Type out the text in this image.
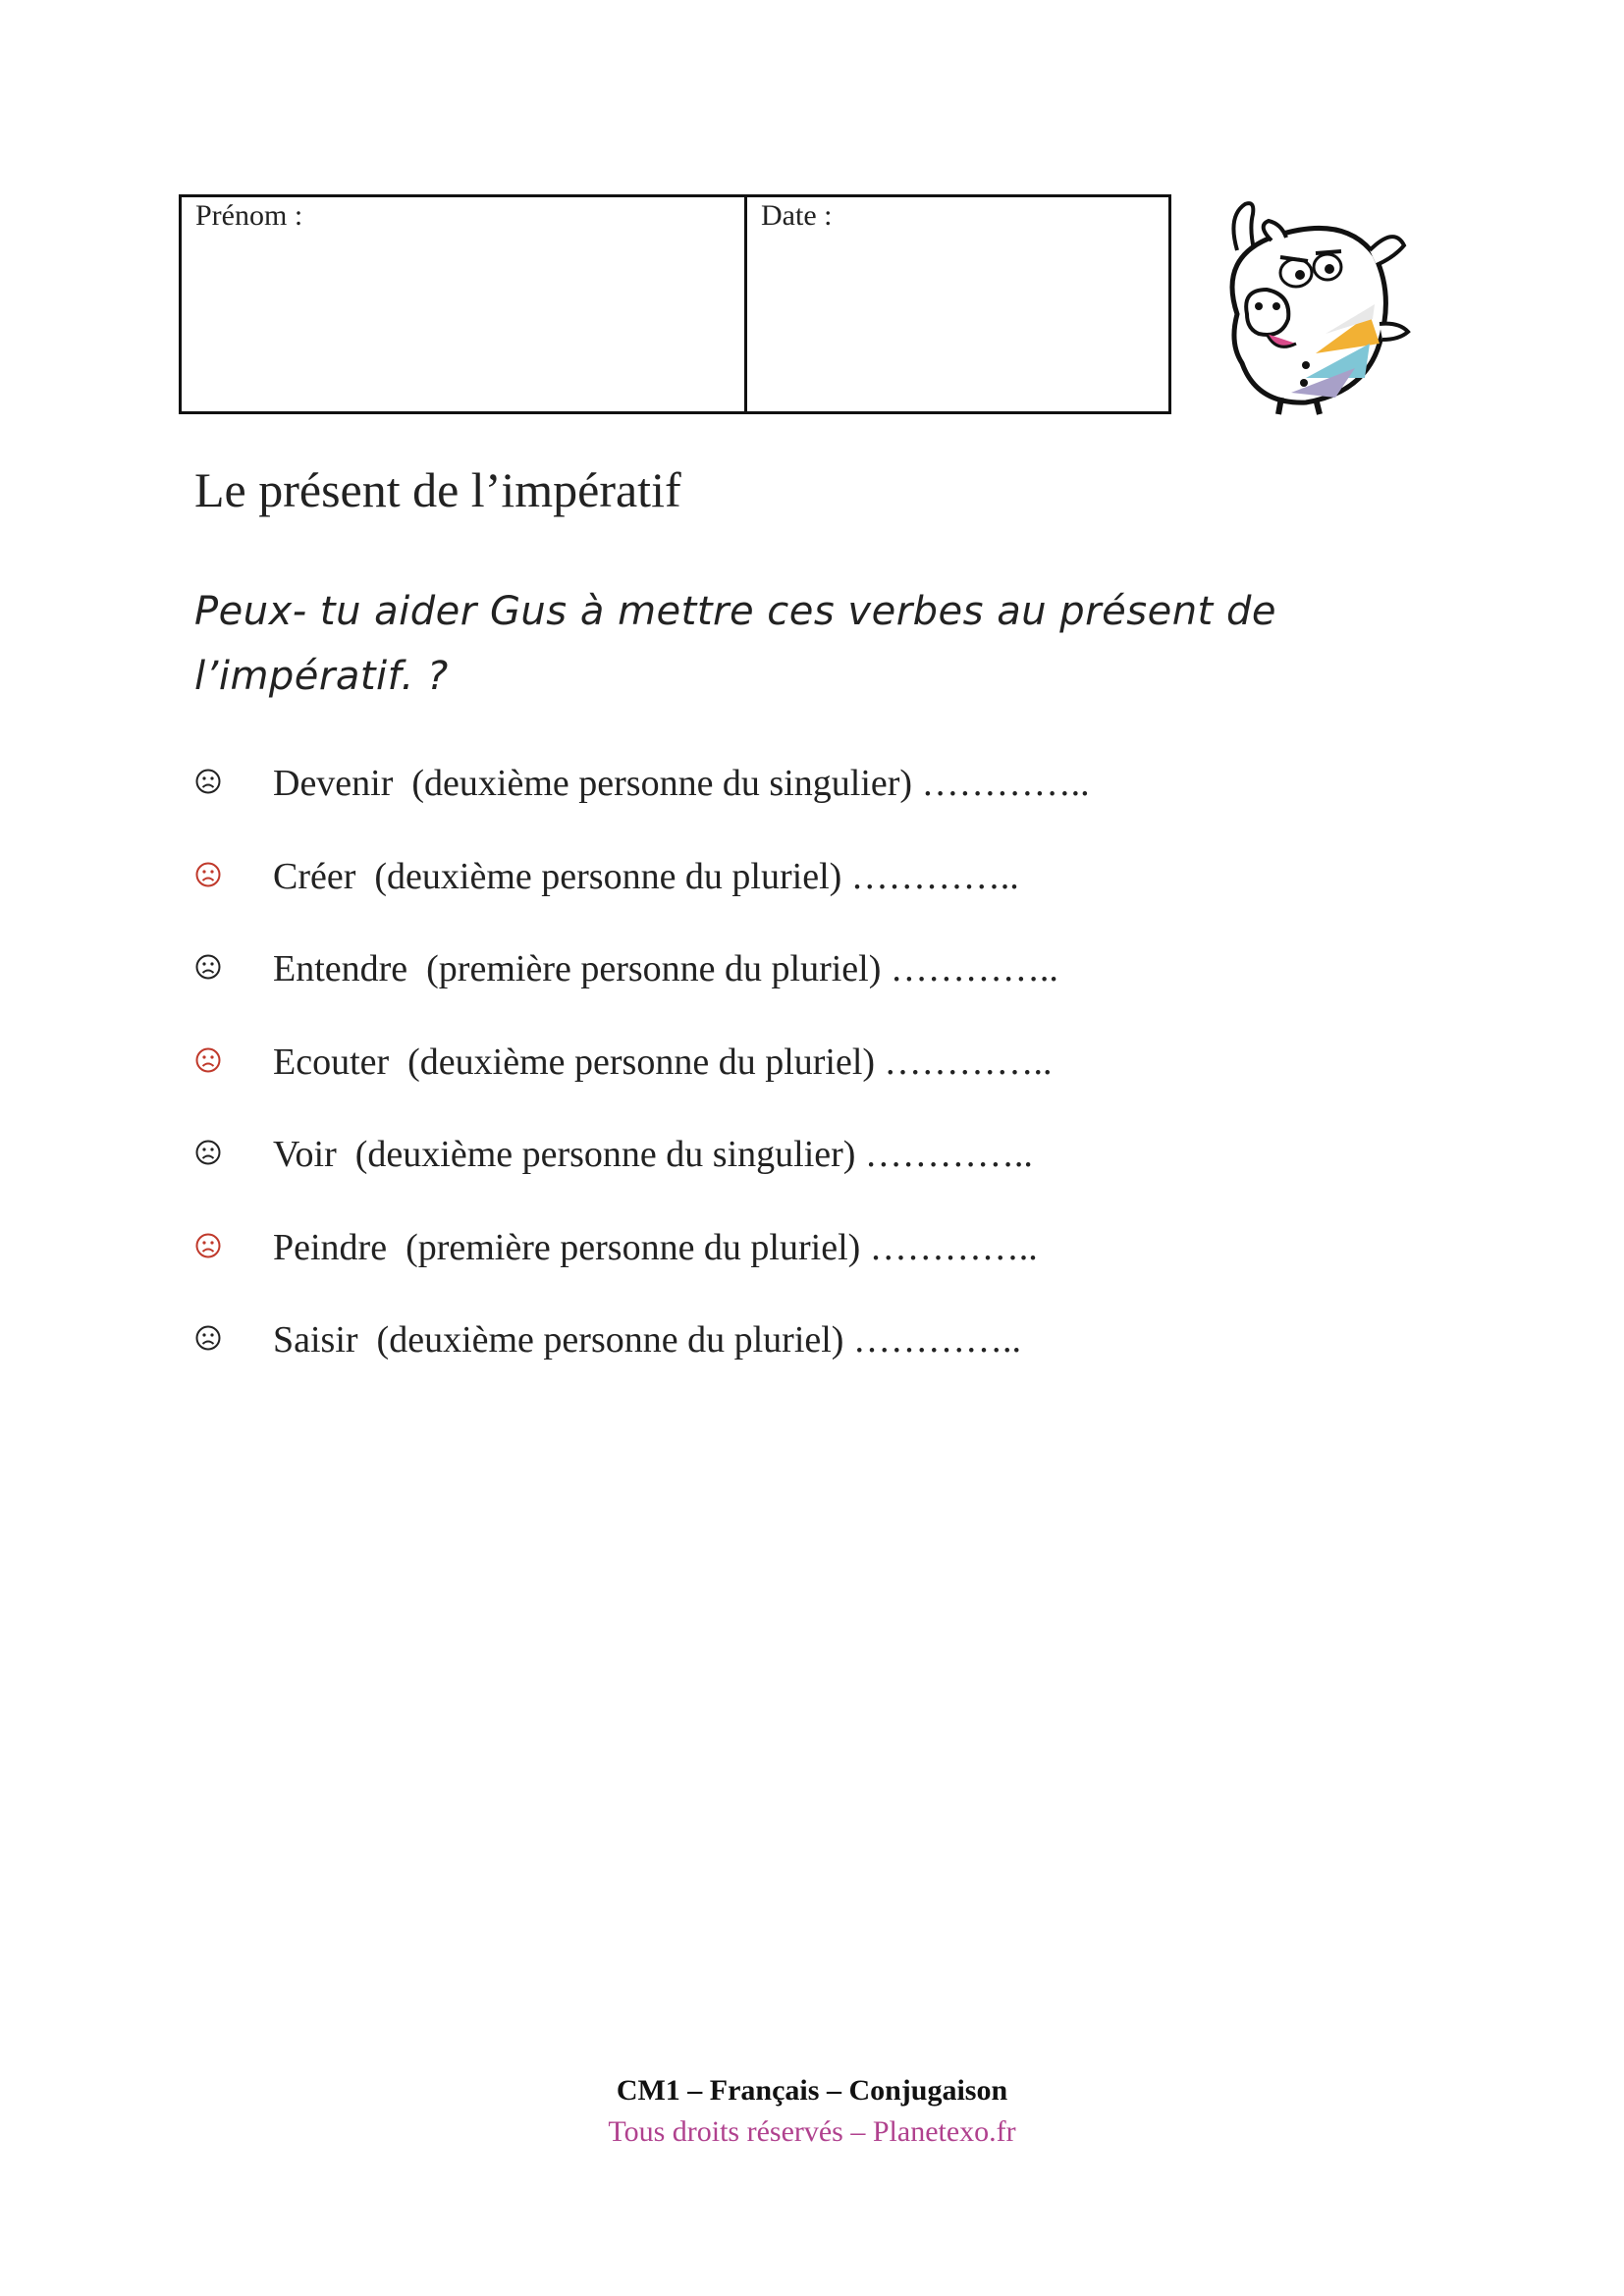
Prénom :	Date :
Le présent de l’impératif

Peux- tu aider Gus à mettre ces verbes au présent de l’impératif. ?

Devenir  (deuxième personne du singulier) …………..
Créer  (deuxième personne du pluriel) …………..
Entendre  (première personne du pluriel) …………..
Ecouter  (deuxième personne du pluriel) …………..
Voir  (deuxième personne du singulier) …………..
Peindre  (première personne du pluriel) …………..
Saisir  (deuxième personne du pluriel) …………..
CM1 – Français – Conjugaison
Tous droits réservés – Planetexo.fr
